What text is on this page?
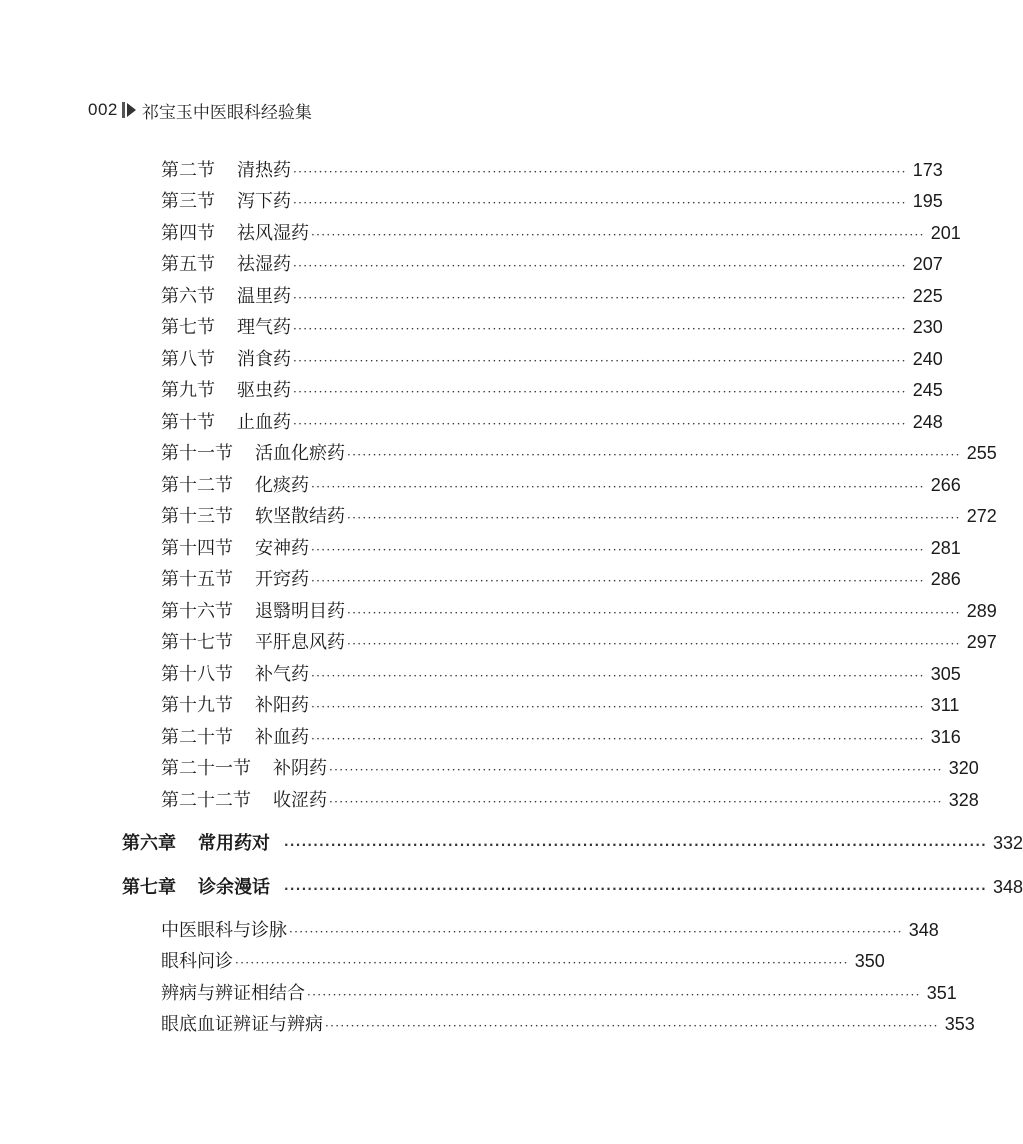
002 祁宝玉中医眼科经验集
第二节 清热药 ························································································································ 173
第三节 泻下药 ························································································································ 195
第四节 祛风湿药 ························································································································ 201
第五节 祛湿药 ························································································································ 207
第六节 温里药 ························································································································ 225
第七节 理气药 ························································································································ 230
第八节 消食药 ························································································································ 240
第九节 驱虫药 ························································································································ 245
第十节 止血药 ························································································································ 248
第十一节 活血化瘀药 ························································································································ 255
第十二节 化痰药 ························································································································ 266
第十三节 软坚散结药 ························································································································ 272
第十四节 安神药 ························································································································ 281
第十五节 开窍药 ························································································································ 286
第十六节 退翳明目药 ························································································································ 289
第十七节 平肝息风药 ························································································································ 297
第十八节 补气药 ························································································································ 305
第十九节 补阳药 ························································································································ 311
第二十节 补血药 ························································································································ 316
第二十一节 补阴药 ························································································································ 320
第二十二节 收涩药 ························································································································ 328
第六章 常用药对 ························································································································ 332
第七章 诊余漫话 ························································································································ 348
中医眼科与诊脉 ························································································································ 348
眼科问诊 ························································································································ 350
辨病与辨证相结合 ························································································································ 351
眼底血证辨证与辨病 ························································································································ 353
